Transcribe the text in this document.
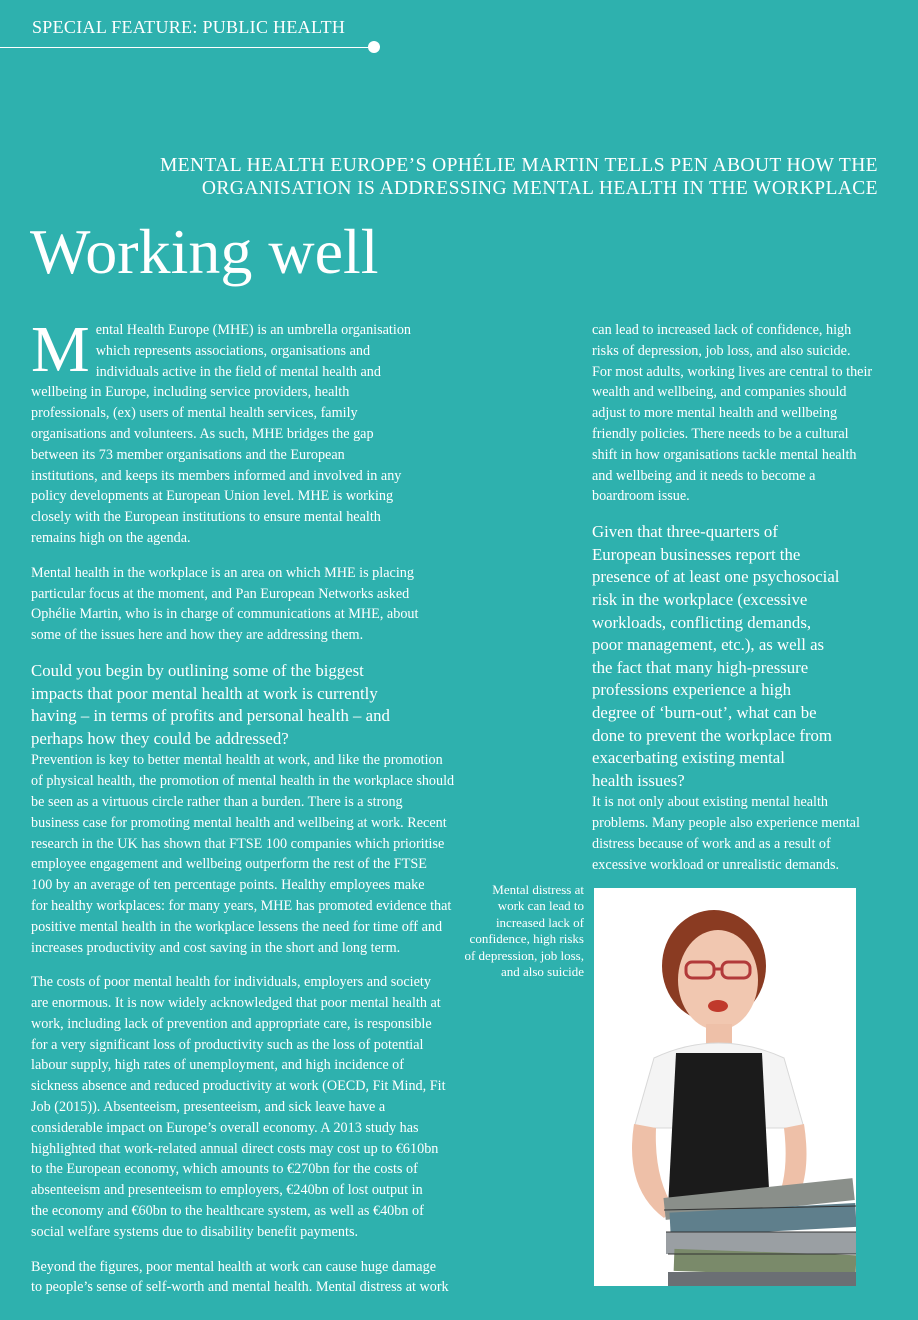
SPECIAL FEATURE: PUBLIC HEALTH
MENTAL HEALTH EUROPE’S OPHÉLIE MARTIN TELLS PEN ABOUT HOW THE
ORGANISATION IS ADDRESSING MENTAL HEALTH IN THE WORKPLACE
Working well
M ental Health Europe (MHE) is an umbrella organisation
which represents associations, organisations and
individuals active in the field of mental health and
wellbeing in Europe, including service providers, health
professionals, (ex) users of mental health services, family
organisations and volunteers. As such, MHE bridges the gap
between its 73 member organisations and the European
institutions, and keeps its members informed and involved in any
policy developments at European Union level. MHE is working
closely with the European institutions to ensure mental health
remains high on the agenda.
Mental health in the workplace is an area on which MHE is placing
particular focus at the moment, and Pan European Networks asked
Ophélie Martin, who is in charge of communications at MHE, about
some of the issues here and how they are addressing them.
Could you begin by outlining some of the biggest
impacts that poor mental health at work is currently
having – in terms of profits and personal health – and
perhaps how they could be addressed?
Prevention is key to better mental health at work, and like the promotion
of physical health, the promotion of mental health in the workplace should
be seen as a virtuous circle rather than a burden. There is a strong
business case for promoting mental health and wellbeing at work. Recent
research in the UK has shown that FTSE 100 companies which prioritise
employee engagement and wellbeing outperform the rest of the FTSE
100 by an average of ten percentage points. Healthy employees make
for healthy workplaces: for many years, MHE has promoted evidence that
positive mental health in the workplace lessens the need for time off and
increases productivity and cost saving in the short and long term.
The costs of poor mental health for individuals, employers and society
are enormous. It is now widely acknowledged that poor mental health at
work, including lack of prevention and appropriate care, is responsible
for a very significant loss of productivity such as the loss of potential
labour supply, high rates of unemployment, and high incidence of
sickness absence and reduced productivity at work (OECD, Fit Mind, Fit
Job (2015)). Absenteeism, presenteeism, and sick leave have a
considerable impact on Europe’s overall economy. A 2013 study has
highlighted that work-related annual direct costs may cost up to €610bn
to the European economy, which amounts to €270bn for the costs of
absenteeism and presenteeism to employers, €240bn of lost output in
the economy and €60bn to the healthcare system, as well as €40bn of
social welfare systems due to disability benefit payments.
Beyond the figures, poor mental health at work can cause huge damage
to people’s sense of self-worth and mental health. Mental distress at work
can lead to increased lack of confidence, high
risks of depression, job loss, and also suicide.
For most adults, working lives are central to their
wealth and wellbeing, and companies should
adjust to more mental health and wellbeing
friendly policies. There needs to be a cultural
shift in how organisations tackle mental health
and wellbeing and it needs to become a
boardroom issue.
Given that three-quarters of
European businesses report the
presence of at least one psychosocial
risk in the workplace (excessive
workloads, conflicting demands,
poor management, etc.), as well as
the fact that many high-pressure
professions experience a high
degree of ‘burn-out’, what can be
done to prevent the workplace from
exacerbating existing mental
health issues?
It is not only about existing mental health
problems. Many people also experience mental
distress because of work and as a result of
excessive workload or unrealistic demands.
Mental distress at
work can lead to
increased lack of
confidence, high risks
of depression, job loss,
and also suicide
